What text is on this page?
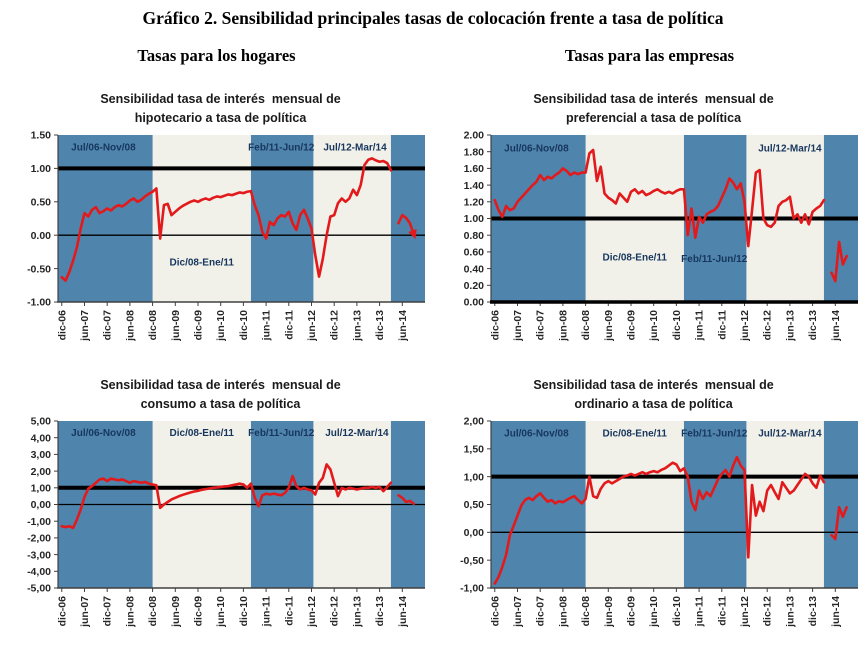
Gráfico 2. Sensibilidad principales tasas de colocación frente a tasa de política
Tasas para los hogares	Tasas para las empresas
Sensibilidad tasa de interés  mensual de
hipotecario a tasa de política
1.50
1.00
0.50
0.00
-0.50
-1.00
dic-06 jun-07 dic-07 jun-08 dic-08 jun-09 dic-09 jun-10 dic-10 jun-11 dic-11 jun-12 dic-12 jun-13 dic-13 jun-14
Jul/06-Nov/08
Dic/08-Ene/11
Feb/11-Jun/12 Jul/12-Mar/14
Sensibilidad tasa de interés  mensual de
preferencial a tasa de política
2.00
1.80
1.60
1.40
1.20
1.00
0.80
0.60
0.40
0.20
0.00
dic-06 jun-07 dic-07 jun-08 dic-08 jun-09 dic-09 jun-10 dic-10 jun-11 dic-11 jun-12 dic-12 jun-13 dic-13 jun-14
Jul/06-Nov/08
Dic/08-Ene/11 Feb/11-Jun/12
Jul/12-Mar/14
Sensibilidad tasa de interés  mensual de
consumo a tasa de política
5,00
4,00
3,00
2,00
1,00
0,00
-1,00
-2,00
-3,00
-4,00
-5,00
dic-06 jun-07 dic-07 jun-08 dic-08 jun-09 dic-09 jun-10 dic-10 jun-11 dic-11 jun-12 dic-12 jun-13 dic-13 jun-14
Jul/06-Nov/08	Dic/08-Ene/11 Feb/11-Jun/12 Jul/12-Mar/14
Sensibilidad tasa de interés  mensual de
ordinario a tasa de política
2,00
1,50
1,00
0,50
0,00
-0,50
-1,00
dic-06 jun-07 dic-07 jun-08 dic-08 jun-09 dic-09 jun-10 dic-10 jun-11 dic-11 jun-12 dic-12 jun-13 dic-13 jun-14
Jul/06-Nov/08	Dic/08-Ene/11 Feb/11-Jun/12 Jul/12-Mar/14
